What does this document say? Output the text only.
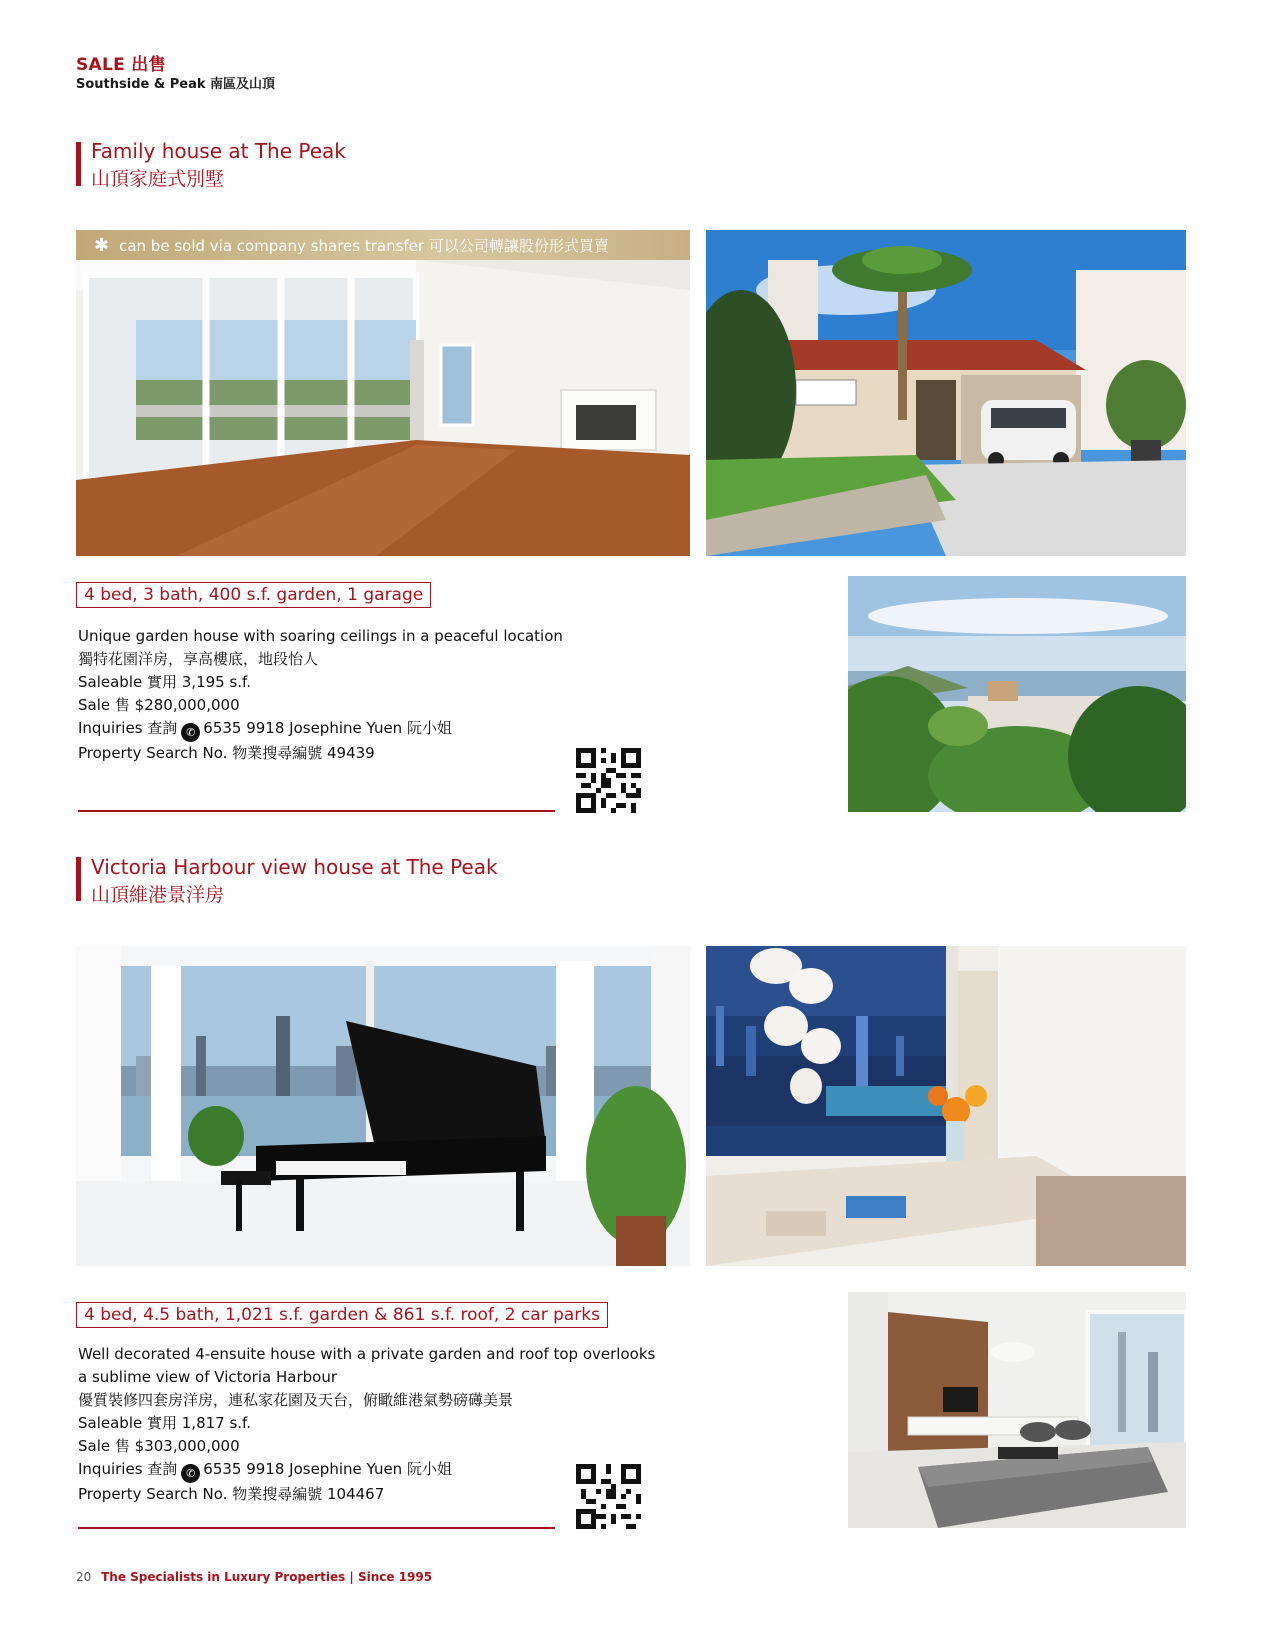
SALE 出售
Southside & Peak 南區及山頂
Family house at The Peak
山頂家庭式別墅
✱ can be sold via company shares transfer 可以公司轉讓股份形式買賣
4 bed, 3 bath, 400 s.f. garden, 1 garage
Unique garden house with soaring ceilings in a peaceful location
獨特花園洋房，享高樓底，地段怡人
Saleable 實用 3,195 s.f.
Sale 售 $280,000,000
Inquiries 查詢 ✆ 6535 9918 Josephine Yuen 阮小姐
Property Search No. 物業搜尋編號 49439
Victoria Harbour view house at The Peak
山頂維港景洋房
4 bed, 4.5 bath, 1,021 s.f. garden & 861 s.f. roof, 2 car parks
Well decorated 4-ensuite house with a private garden and roof top overlooks
a sublime view of Victoria Harbour
優質裝修四套房洋房，連私家花園及天台，俯瞰維港氣勢磅礡美景
Saleable 實用 1,817 s.f.
Sale 售 $303,000,000
Inquiries 查詢 ✆ 6535 9918 Josephine Yuen 阮小姐
Property Search No. 物業搜尋編號 104467
20 The Specialists in Luxury Properties | Since 1995
